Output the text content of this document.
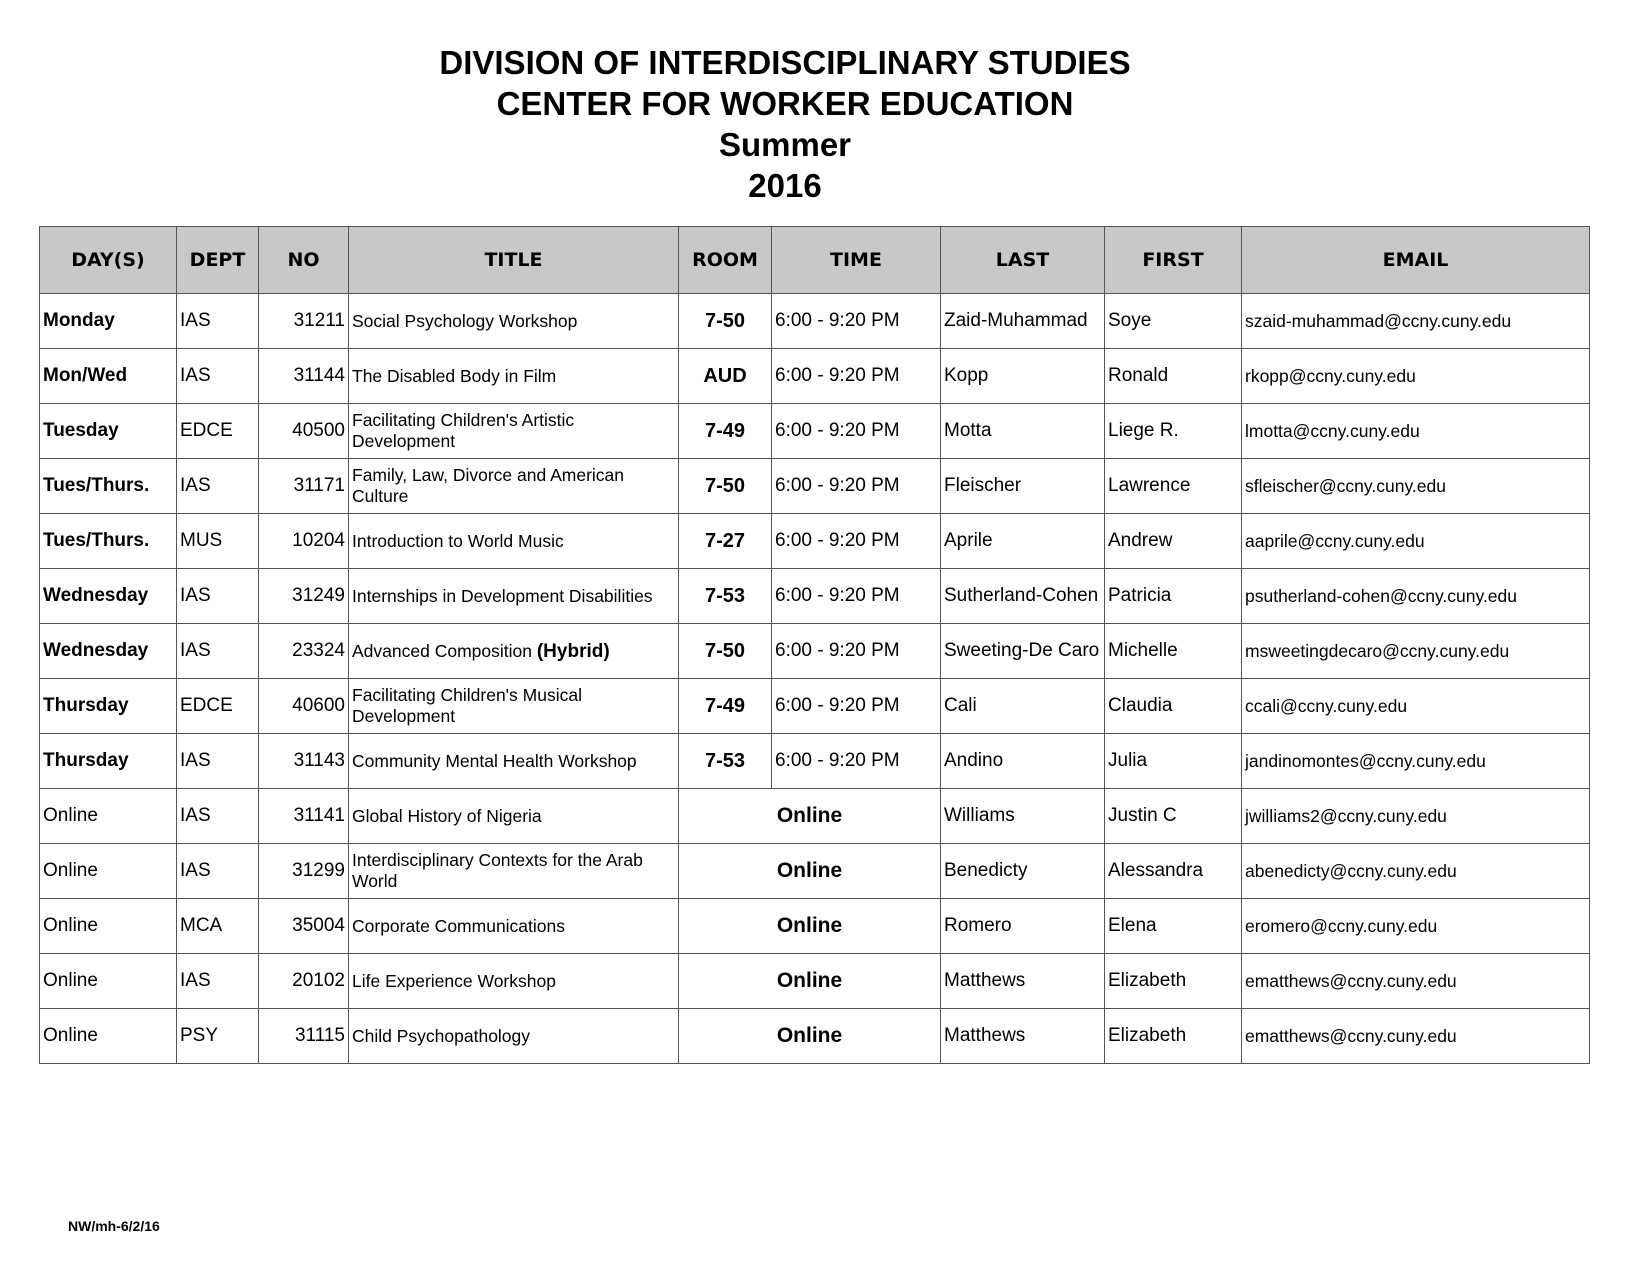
DIVISION OF INTERDISCIPLINARY STUDIES
CENTER FOR WORKER EDUCATION
Summer
2016
DAY(S)	DEPT	NO	TITLE	ROOM	TIME	LAST	FIRST	EMAIL
Monday	IAS	31211	Social Psychology Workshop	7-50	6:00 - 9:20 PM	Zaid-Muhammad	Soye	szaid-muhammad@ccny.cuny.edu
Mon/Wed	IAS	31144	The Disabled Body in Film	AUD	6:00 - 9:20 PM	Kopp	Ronald	rkopp@ccny.cuny.edu
Tuesday	EDCE	40500	Facilitating Children's Artistic Development	7-49	6:00 - 9:20 PM	Motta	Liege R.	lmotta@ccny.cuny.edu
Tues/Thurs.	IAS	31171	Family, Law, Divorce and American Culture	7-50	6:00 - 9:20 PM	Fleischer	Lawrence	sfleischer@ccny.cuny.edu
Tues/Thurs.	MUS	10204	Introduction to World Music	7-27	6:00 - 9:20 PM	Aprile	Andrew	aaprile@ccny.cuny.edu
Wednesday	IAS	31249	Internships in Development Disabilities	7-53	6:00 - 9:20 PM	Sutherland-Cohen	Patricia	psutherland-cohen@ccny.cuny.edu
Wednesday	IAS	23324	Advanced Composition (Hybrid)	7-50	6:00 - 9:20 PM	Sweeting-De Caro	Michelle	msweetingdecaro@ccny.cuny.edu
Thursday	EDCE	40600	Facilitating Children's Musical Development	7-49	6:00 - 9:20 PM	Cali	Claudia	ccali@ccny.cuny.edu
Thursday	IAS	31143	Community Mental Health Workshop	7-53	6:00 - 9:20 PM	Andino	Julia	jandinomontes@ccny.cuny.edu
Online	IAS	31141	Global History of Nigeria	Online		Williams	Justin C	jwilliams2@ccny.cuny.edu
Online	IAS	31299	Interdisciplinary Contexts for the Arab World	Online		Benedicty	Alessandra	abenedicty@ccny.cuny.edu
Online	MCA	35004	Corporate Communications	Online		Romero	Elena	eromero@ccny.cuny.edu
Online	IAS	20102	Life Experience Workshop	Online		Matthews	Elizabeth	ematthews@ccny.cuny.edu
Online	PSY	31115	Child Psychopathology	Online		Matthews	Elizabeth	ematthews@ccny.cuny.edu
NW/mh-6/2/16
